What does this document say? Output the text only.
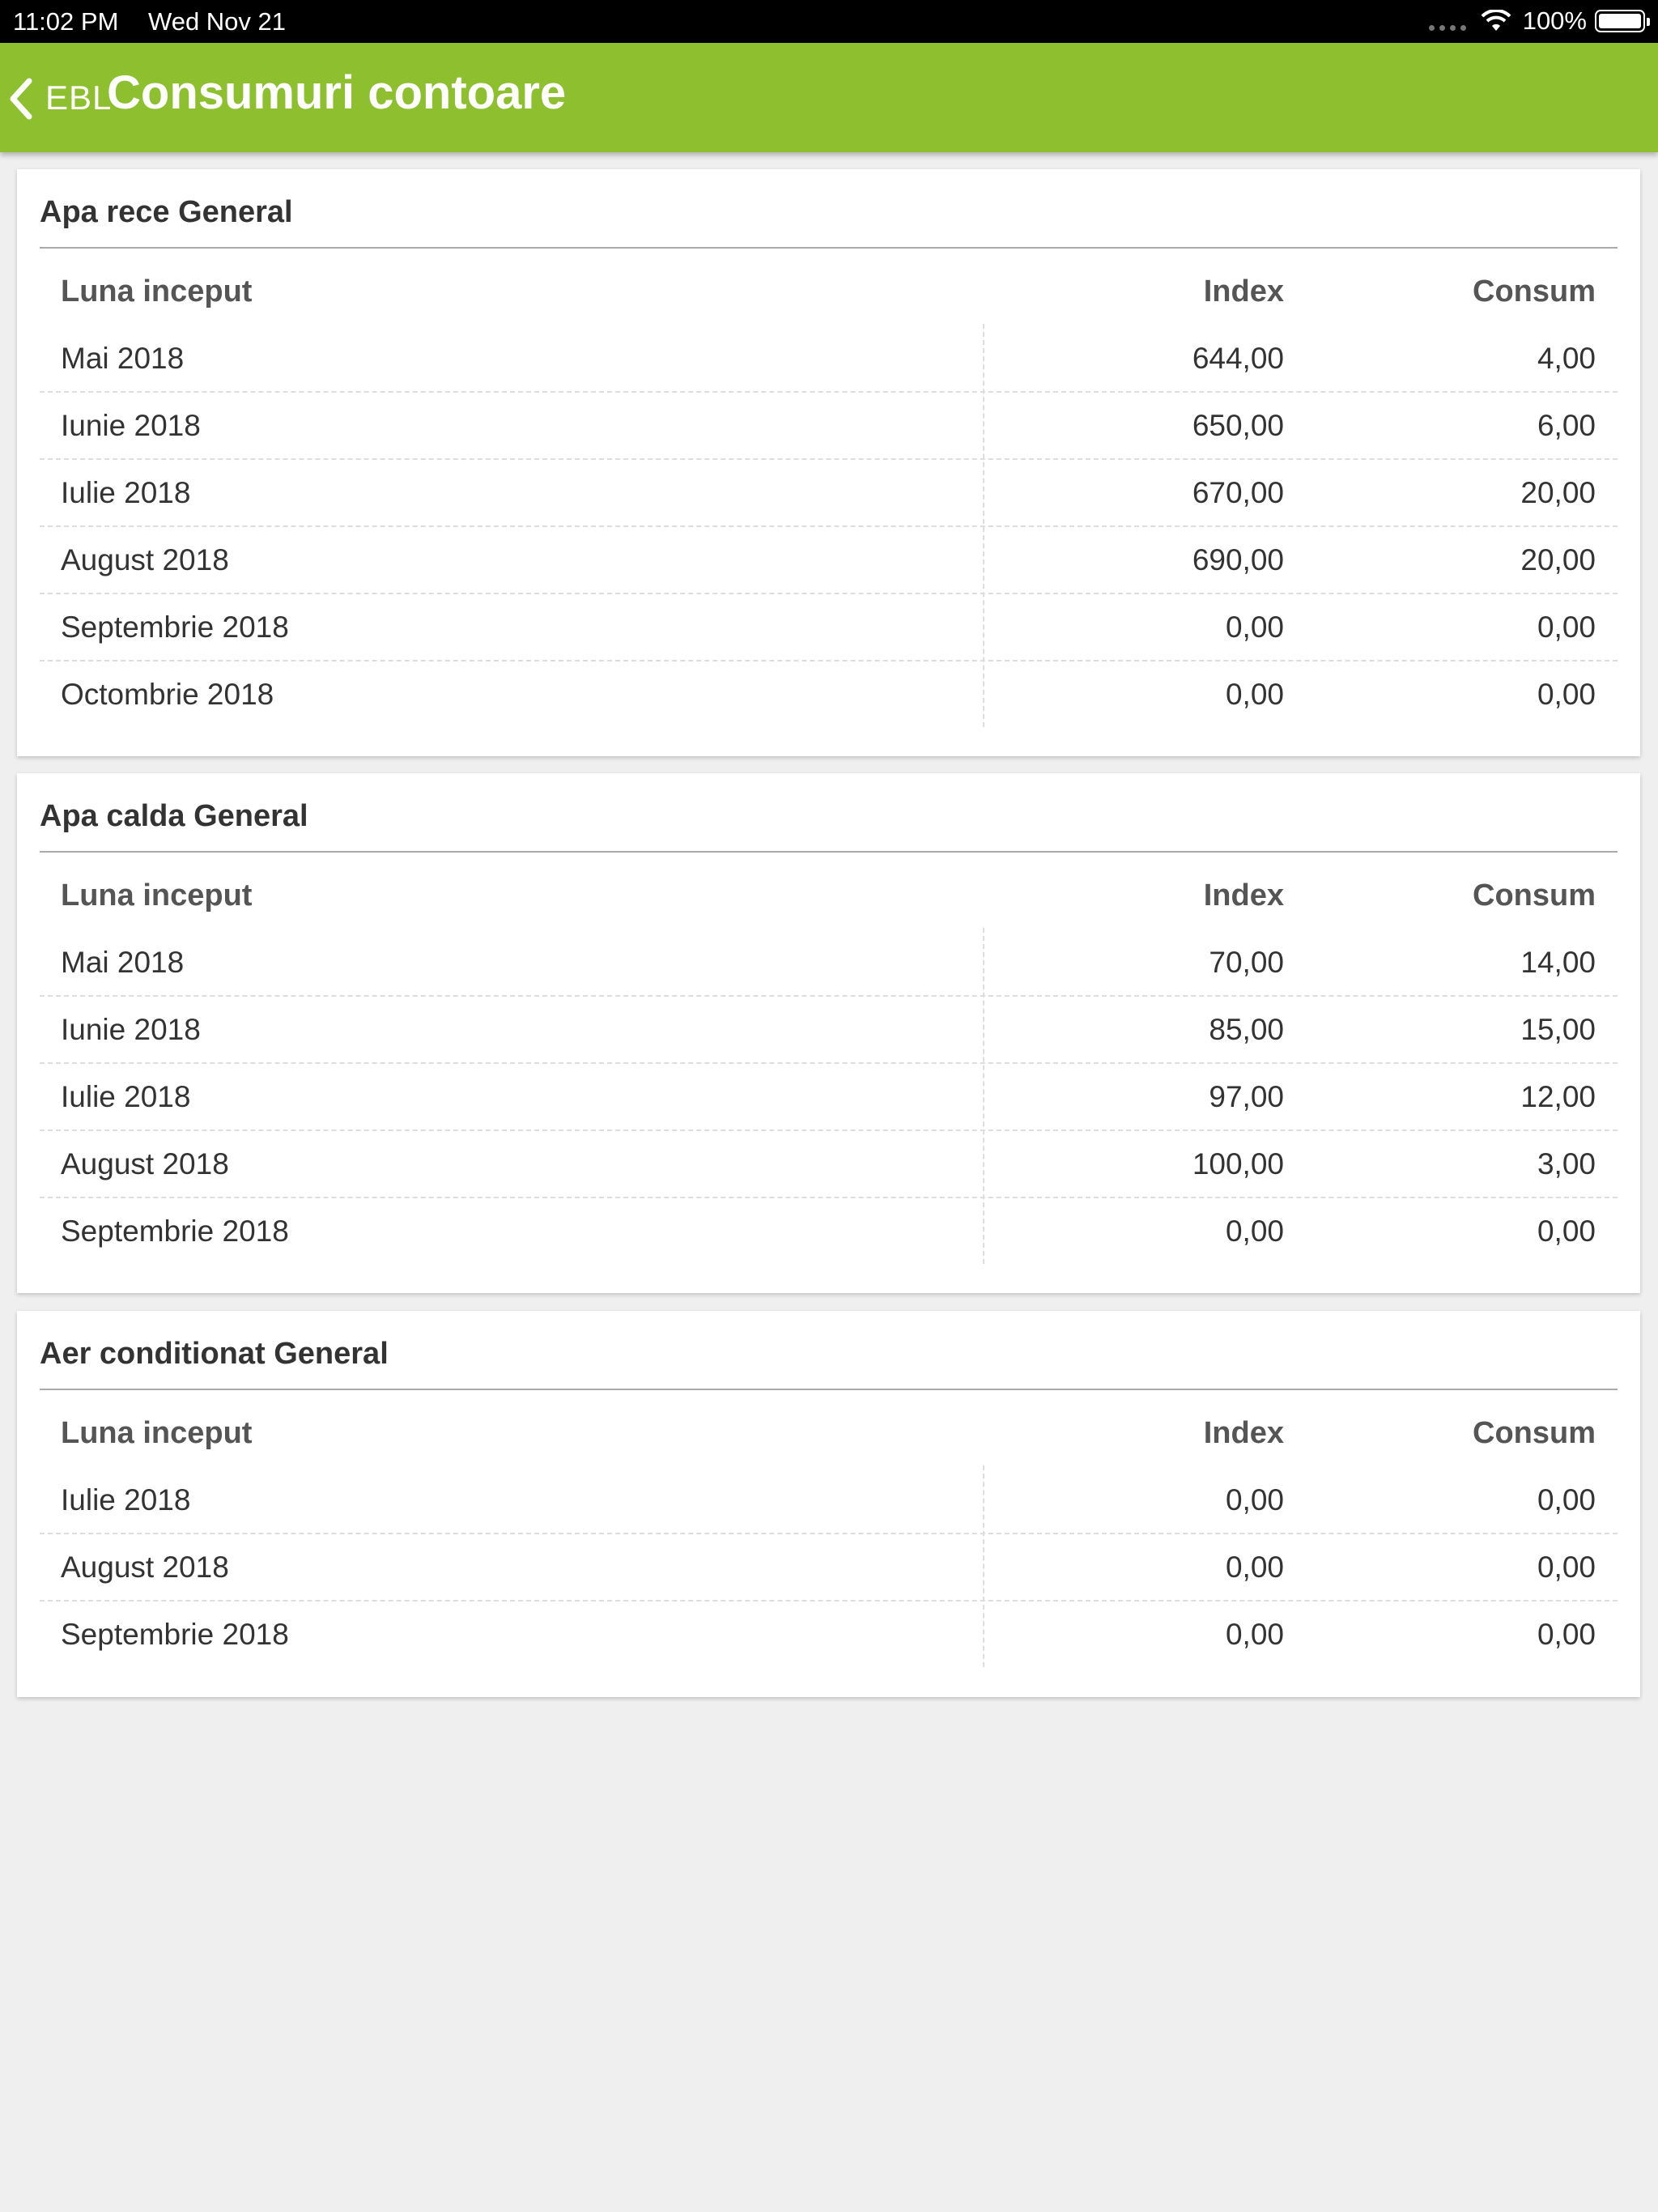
11:02 PM Wed Nov 21	100%
EBL
Consumuri contoare
Apa rece General
Luna inceput	Index	Consum
Mai 2018	644,00	4,00
Iunie 2018	650,00	6,00
Iulie 2018	670,00	20,00
August 2018	690,00	20,00
Septembrie 2018	0,00	0,00
Octombrie 2018	0,00	0,00
Apa calda General
Luna inceput	Index	Consum
Mai 2018	70,00	14,00
Iunie 2018	85,00	15,00
Iulie 2018	97,00	12,00
August 2018	100,00	3,00
Septembrie 2018	0,00	0,00
Aer conditionat General
Luna inceput	Index	Consum
Iulie 2018	0,00	0,00
August 2018	0,00	0,00
Septembrie 2018	0,00	0,00
